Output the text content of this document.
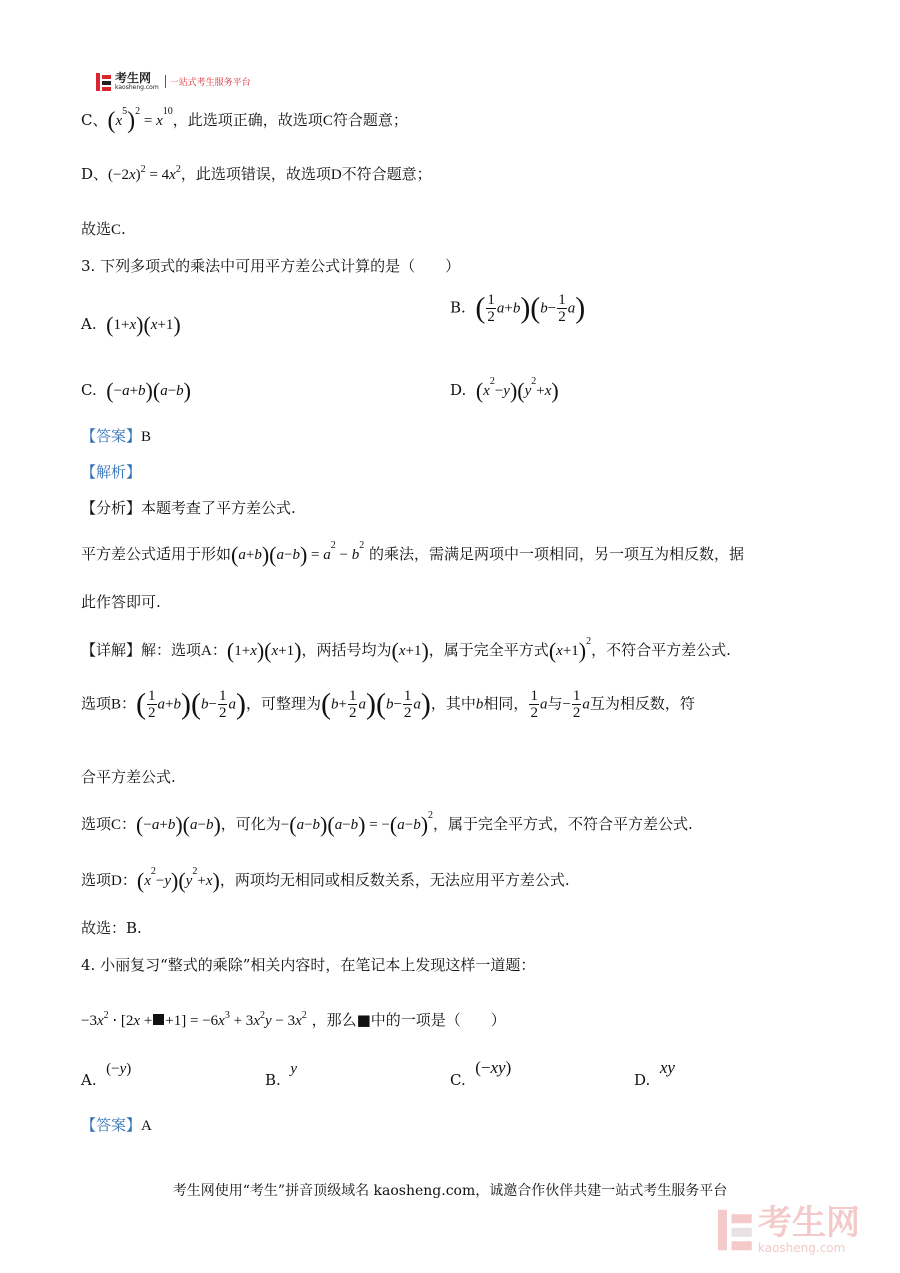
考生网
kaosheng.com	一站式考生服务平台
C、$(x^5)^2 = x^{10}$，此选项正确，故选项C符合题意；
D、$(-2x)^2 = 4x^2$，此选项错误，故选项D不符合题意；
故选C.
3. 下列多项式的乘法中可用平方差公式计算的是（　　）
A. (1+x)(x+1)
B. ( $\frac{1}{2} a+b)(b- \frac{1}{2} a)$
C. (−a+b)(a−b)	D. $(x^2-y)(y^2+x)$
【答案】B
【解析】
【分析】本题考查了平方差公式.
平方差公式适用于形如$(a+b)(a-b) = a^2 - b^2$ 的乘法，需满足两项中一项相同，另一项互为相反数，据
此作答即可.
【详解】解：选项A：(1+x)(x+1)，两括号均为(x+1)，属于完全平方式$(x+1)^2$，不符合平方差公式.
选项B：( $\frac{1}{2} a+b)(b- \frac{1}{2} a)$，可整理为$(b+ \frac{1}{2} a)(b- \frac{1}{2} a)$，其中b相同， $\frac{1}{2}$ a与− $\frac{1}{2}$ a互为相反数，符
合平方差公式.
选项C：(−a+b)(a−b)，可化为$-(a-b)(a-b) = -(a-b)^2$，属于完全平方式，不符合平方差公式.
选项D：$(x^2-y)(y^2+x)$，两项均无相同或相反数关系，无法应用平方差公式.
故选：B.
4. 小丽复习“整式的乘除”相关内容时，在笔记本上发现这样一道题：
$-3x^2 \cdot [2x + +1] = -6x^3 + 3x^2y - 3x^2$ ，那么■中的一项是（　　）
A.  (−y)
B.  y
C.  (−xy)
D.  xy
【答案】A
考生网使用“考生”拼音顶级域名 kaosheng.com，诚邀合作伙伴共建一站式考生服务平台
考生网
kaosheng.com
